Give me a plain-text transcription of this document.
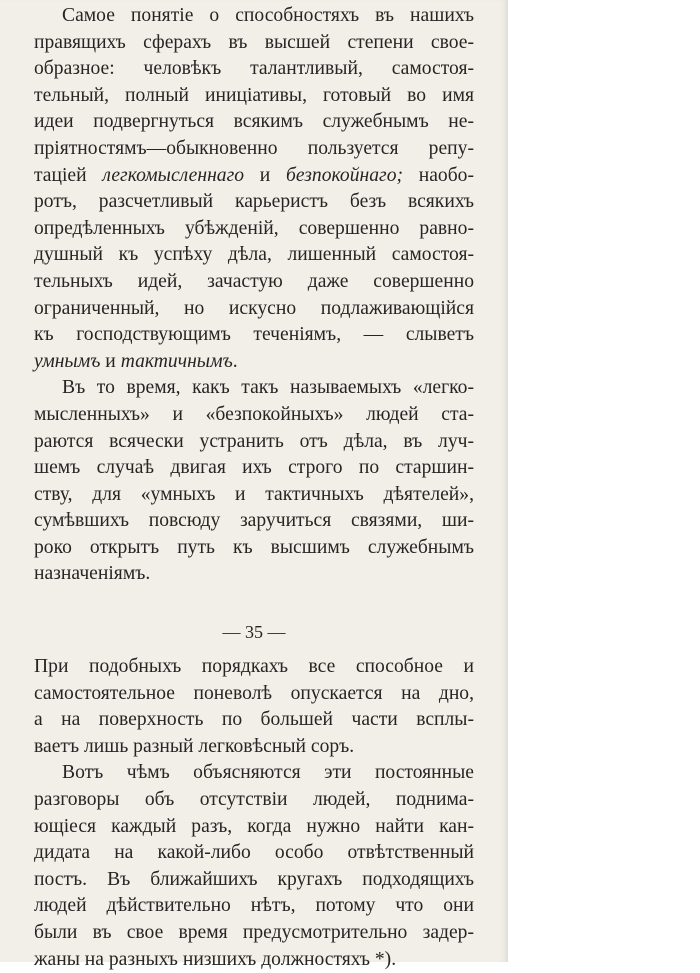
Самое понятіе о способностяхъ въ нашихъ
правящихъ сферахъ въ высшей степени свое-
образное: человѣкъ талантливый, самостоя-
тельный, полный иниціативы, готовый во имя
идеи подвергнуться всякимъ служебнымъ не-
пріятностямъ—обыкновенно пользуется репу-
таціей легкомысленнаго и безпокойнаго; наобо-
ротъ, разсчетливый карьеристъ безъ всякихъ
опредѣленныхъ убѣжденій, совершенно равно-
душный къ успѣху дѣла, лишенный самостоя-
тельныхъ идей, зачастую даже совершенно
ограниченный, но искусно подлаживающійся
къ господствующимъ теченіямъ, — слыветъ
умнымъ и тактичнымъ.
Въ то время, какъ такъ называемыхъ «легко-
мысленныхъ» и «безпокойныхъ» людей ста-
раются всячески устранить отъ дѣла, въ луч-
шемъ случаѣ двигая ихъ строго по старшин-
ству, для «умныхъ и тактичныхъ дѣятелей»,
сумѣвшихъ повсюду заручиться связями, ши-
роко открытъ путь къ высшимъ служебнымъ
назначеніямъ.
— 35 —
При подобныхъ порядкахъ все способное и
самостоятельное поневолѣ опускается на дно,
а на поверхность по большей части всплы-
ваетъ лишь разный легковѣсный соръ.
Вотъ чѣмъ объясняются эти постоянные
разговоры объ отсутствіи людей, поднима-
ющіеся каждый разъ, когда нужно найти кан-
дидата на какой-либо особо отвѣтственный
постъ. Въ ближайшихъ кругахъ подходящихъ
людей дѣйствительно нѣтъ, потому что они
были въ свое время предусмотрительно задер-
жаны на разныхъ низшихъ должностяхъ *).
